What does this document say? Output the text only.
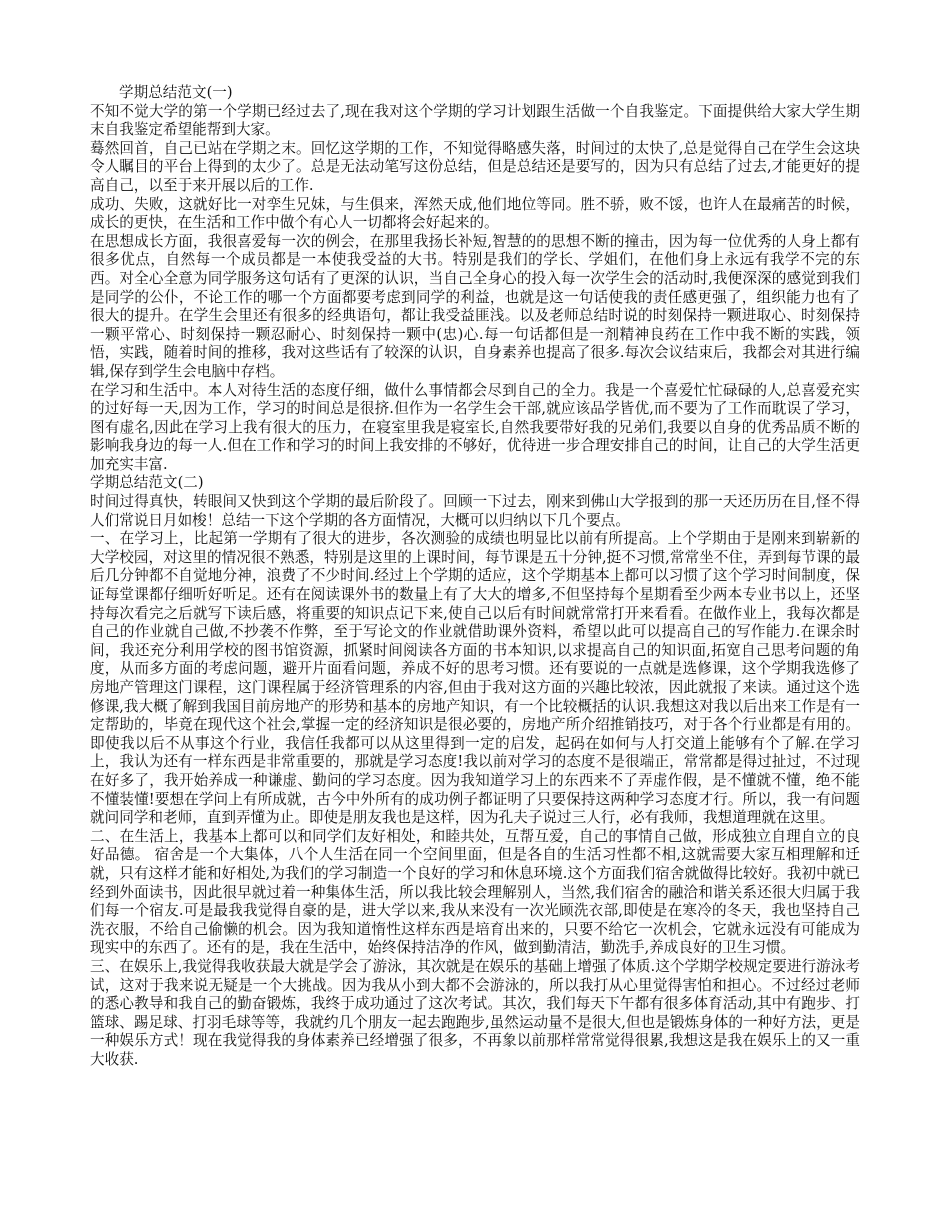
学期总结范文(一)

不知不觉大学的第一个学期已经过去了,现在我对这个学期的学习计划跟生活做一个自我鉴定。下面提供给大家大学生期末自我鉴定希望能帮到大家。

蓦然回首，自己已站在学期之末。回忆这学期的工作，不知觉得略感失落，时间过的太快了,总是觉得自己在学生会这块令人瞩目的平台上得到的太少了。总是无法动笔写这份总结，但是总结还是要写的，因为只有总结了过去,才能更好的提高自己，以至于来开展以后的工作.

成功、失败，这就好比一对孪生兄妹，与生俱来，浑然天成,他们地位等同。胜不骄，败不馁，也许人在最痛苦的时候，成长的更快，在生活和工作中做个有心人一切都将会好起来的。

在思想成长方面，我很喜爱每一次的例会，在那里我扬长补短,智慧的的思想不断的撞击，因为每一位优秀的人身上都有很多优点，自然每一个成员都是一本使我受益的大书。特别是我们的学长、学姐们，在他们身上永远有我学不完的东西。对全心全意为同学服务这句话有了更深的认识，当自己全身心的投入每一次学生会的活动时,我便深深的感觉到我们是同学的公仆，不论工作的哪一个方面都要考虑到同学的利益，也就是这一句话使我的责任感更强了，组织能力也有了很大的提升。在学生会里还有很多的经典语句，都让我受益匪浅。以及老师总结时说的时刻保持一颗进取心、时刻保持一颗平常心、时刻保持一颗忍耐心、时刻保持一颗中(忠)心.每一句话都但是一剂精神良药在工作中我不断的实践，领悟，实践，随着时间的推移，我对这些话有了较深的认识，自身素养也提高了很多.每次会议结束后，我都会对其进行编辑,保存到学生会电脑中存档。

在学习和生活中。本人对待生活的态度仔细，做什么事情都会尽到自己的全力。我是一个喜爱忙忙碌碌的人,总喜爱充实的过好每一天,因为工作，学习的时间总是很挤.但作为一名学生会干部,就应该品学皆优,而不要为了工作而耽误了学习，图有虚名,因此在学习上我有很大的压力，在寝室里我是寝室长,自然我要带好我的兄弟们,我要以自身的优秀品质不断的影响我身边的每一人.但在工作和学习的时间上我安排的不够好，优待进一步合理安排自己的时间，让自己的大学生活更加充实丰富.

学期总结范文(二)

时间过得真快，转眼间又快到这个学期的最后阶段了。回顾一下过去，刚来到佛山大学报到的那一天还历历在目,怪不得人们常说日月如梭！总结一下这个学期的各方面情况，大概可以归纳以下几个要点。

一、在学习上，比起第一学期有了很大的进步，各次测验的成绩也明显比以前有所提高。上个学期由于是刚来到崭新的大学校园，对这里的情况很不熟悉，特别是这里的上课时间，每节课是五十分钟,挺不习惯,常常坐不住，弄到每节课的最后几分钟都不自觉地分神，浪费了不少时间.经过上个学期的适应，这个学期基本上都可以习惯了这个学习时间制度，保证每堂课都仔细听好听足。还有在阅读课外书的数量上有了大大的增多,不但坚持每个星期看至少两本专业书以上，还坚持每次看完之后就写下读后感，将重要的知识点记下来,使自己以后有时间就常常打开来看看。在做作业上，我每次都是自己的作业就自己做,不抄袭不作弊，至于写论文的作业就借助课外资料，希望以此可以提高自己的写作能力.在课余时间，我还充分利用学校的图书馆资源，抓紧时间阅读各方面的书本知识,以求提高自己的知识面,拓宽自己思考问题的角度，从而多方面的考虑问题，避开片面看问题，养成不好的思考习惯。还有要说的一点就是选修课，这个学期我选修了房地产管理这门课程，这门课程属于经济管理系的内容,但由于我对这方面的兴趣比较浓，因此就报了来读。通过这个选修课,我大概了解到我国目前房地产的形势和基本的房地产知识，有一个比较概括的认识.我想这对我以后出来工作是有一定帮助的，毕竟在现代这个社会,掌握一定的经济知识是很必要的，房地产所介绍推销技巧，对于各个行业都是有用的。即使我以后不从事这个行业，我信任我都可以从这里得到一定的启发，起码在如何与人打交道上能够有个了解.在学习上，我认为还有一样东西是非常重要的，那就是学习态度!我以前对学习的态度不是很端正，常常都是得过扯过，不过现在好多了，我开始养成一种谦虚、勤问的学习态度。因为我知道学习上的东西来不了弄虚作假，是不懂就不懂，绝不能不懂装懂!要想在学问上有所成就，古今中外所有的成功例子都证明了只要保持这两种学习态度才行。所以，我一有问题就问同学和老师，直到弄懂为止。即使是朋友我也是这样，因为孔夫子说过三人行，必有我师，我想道理就在这里。

二、在生活上，我基本上都可以和同学们友好相处，和睦共处，互帮互爱，自己的事情自己做，形成独立自理自立的良好品德。 宿舍是一个大集体，八个人生活在同一个空间里面，但是各自的生活习性都不相,这就需要大家互相理解和迁就，只有这样才能和好相处,为我们的学习制造一个良好的学习和休息环境.这个方面我们宿舍就做得比较好。我初中就已经到外面读书，因此很早就过着一种集体生活，所以我比较会理解别人，当然,我们宿舍的融洽和谐关系还很大归属于我们每一个宿友.可是最我我觉得自豪的是，进大学以来,我从来没有一次光顾洗衣部,即使是在寒冷的冬天，我也坚持自己洗衣服，不给自己偷懒的机会。因为我知道惰性这样东西是培育出来的，只要不给它一次机会，它就永远没有可能成为现实中的东西了。还有的是，我在生活中，始终保持洁净的作风，做到勤清洁，勤洗手,养成良好的卫生习惯。

三、在娱乐上,我觉得我收获最大就是学会了游泳，其次就是在娱乐的基础上增强了体质.这个学期学校规定要进行游泳考试，这对于我来说无疑是一个大挑战。因为我从小到大都不会游泳的，所以我打从心里觉得害怕和担心。不过经过老师的悉心教导和我自己的勤奋锻炼，我终于成功通过了这次考试。其次，我们每天下午都有很多体育活动,其中有跑步、打篮球、踢足球、打羽毛球等等，我就约几个朋友一起去跑跑步,虽然运动量不是很大,但也是锻炼身体的一种好方法，更是一种娱乐方式！现在我觉得我的身体素养已经增强了很多，不再象以前那样常常觉得很累,我想这是我在娱乐上的又一重大收获.
